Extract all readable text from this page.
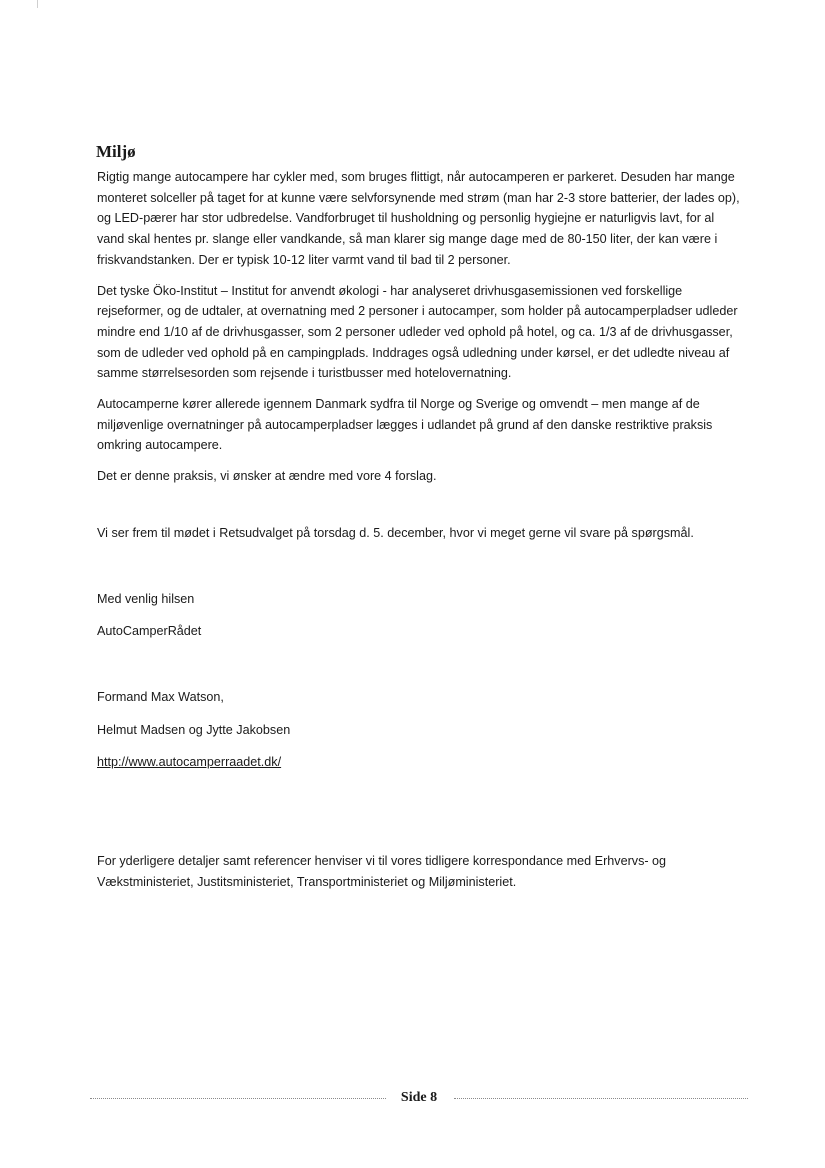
Miljø

Rigtig mange autocampere har cykler med, som bruges flittigt, når autocamperen er parkeret. Desuden har mange monteret solceller på taget for at kunne være selvforsynende med strøm (man har 2-3 store batterier, der lades op), og LED-pærer har stor udbredelse. Vandforbruget til husholdning og personlig hygiejne er naturligvis lavt, for al vand skal hentes pr. slange eller vandkande, så man klarer sig mange dage med de 80-150 liter, der kan være i friskvandstanken. Der er typisk 10-12 liter varmt vand til bad til 2 personer.

Det tyske Öko-Institut – Institut for anvendt økologi - har analyseret drivhusgasemissionen ved forskellige rejseformer, og de udtaler, at overnatning med 2 personer i autocamper, som holder på autocamperpladser udleder mindre end 1/10 af de drivhusgasser, som 2 personer udleder ved ophold på hotel, og ca. 1/3 af de drivhusgasser, som de udleder ved ophold på en campingplads. Inddrages også udledning under kørsel, er det udledte niveau af samme størrelsesorden som rejsende i turistbusser med hotelovernatning.

Autocamperne kører allerede igennem Danmark sydfra til Norge og Sverige og omvendt – men mange af de miljøvenlige overnatninger på autocamperpladser lægges i udlandet på grund af den danske restriktive praksis omkring autocampere.

Det er denne praksis, vi ønsker at ændre med vore 4 forslag.

Vi ser frem til mødet i Retsudvalget på torsdag d. 5. december, hvor vi meget gerne vil svare på spørgsmål.

Med venlig hilsen

AutoCamperRådet

Formand Max Watson,

Helmut Madsen og Jytte Jakobsen

http://www.autocamperraadet.dk/

For yderligere detaljer samt referencer henviser vi til vores tidligere korrespondance med Erhvervs- og Vækstministeriet, Justitsministeriet, Transportministeriet og Miljøministeriet.

Side 8
